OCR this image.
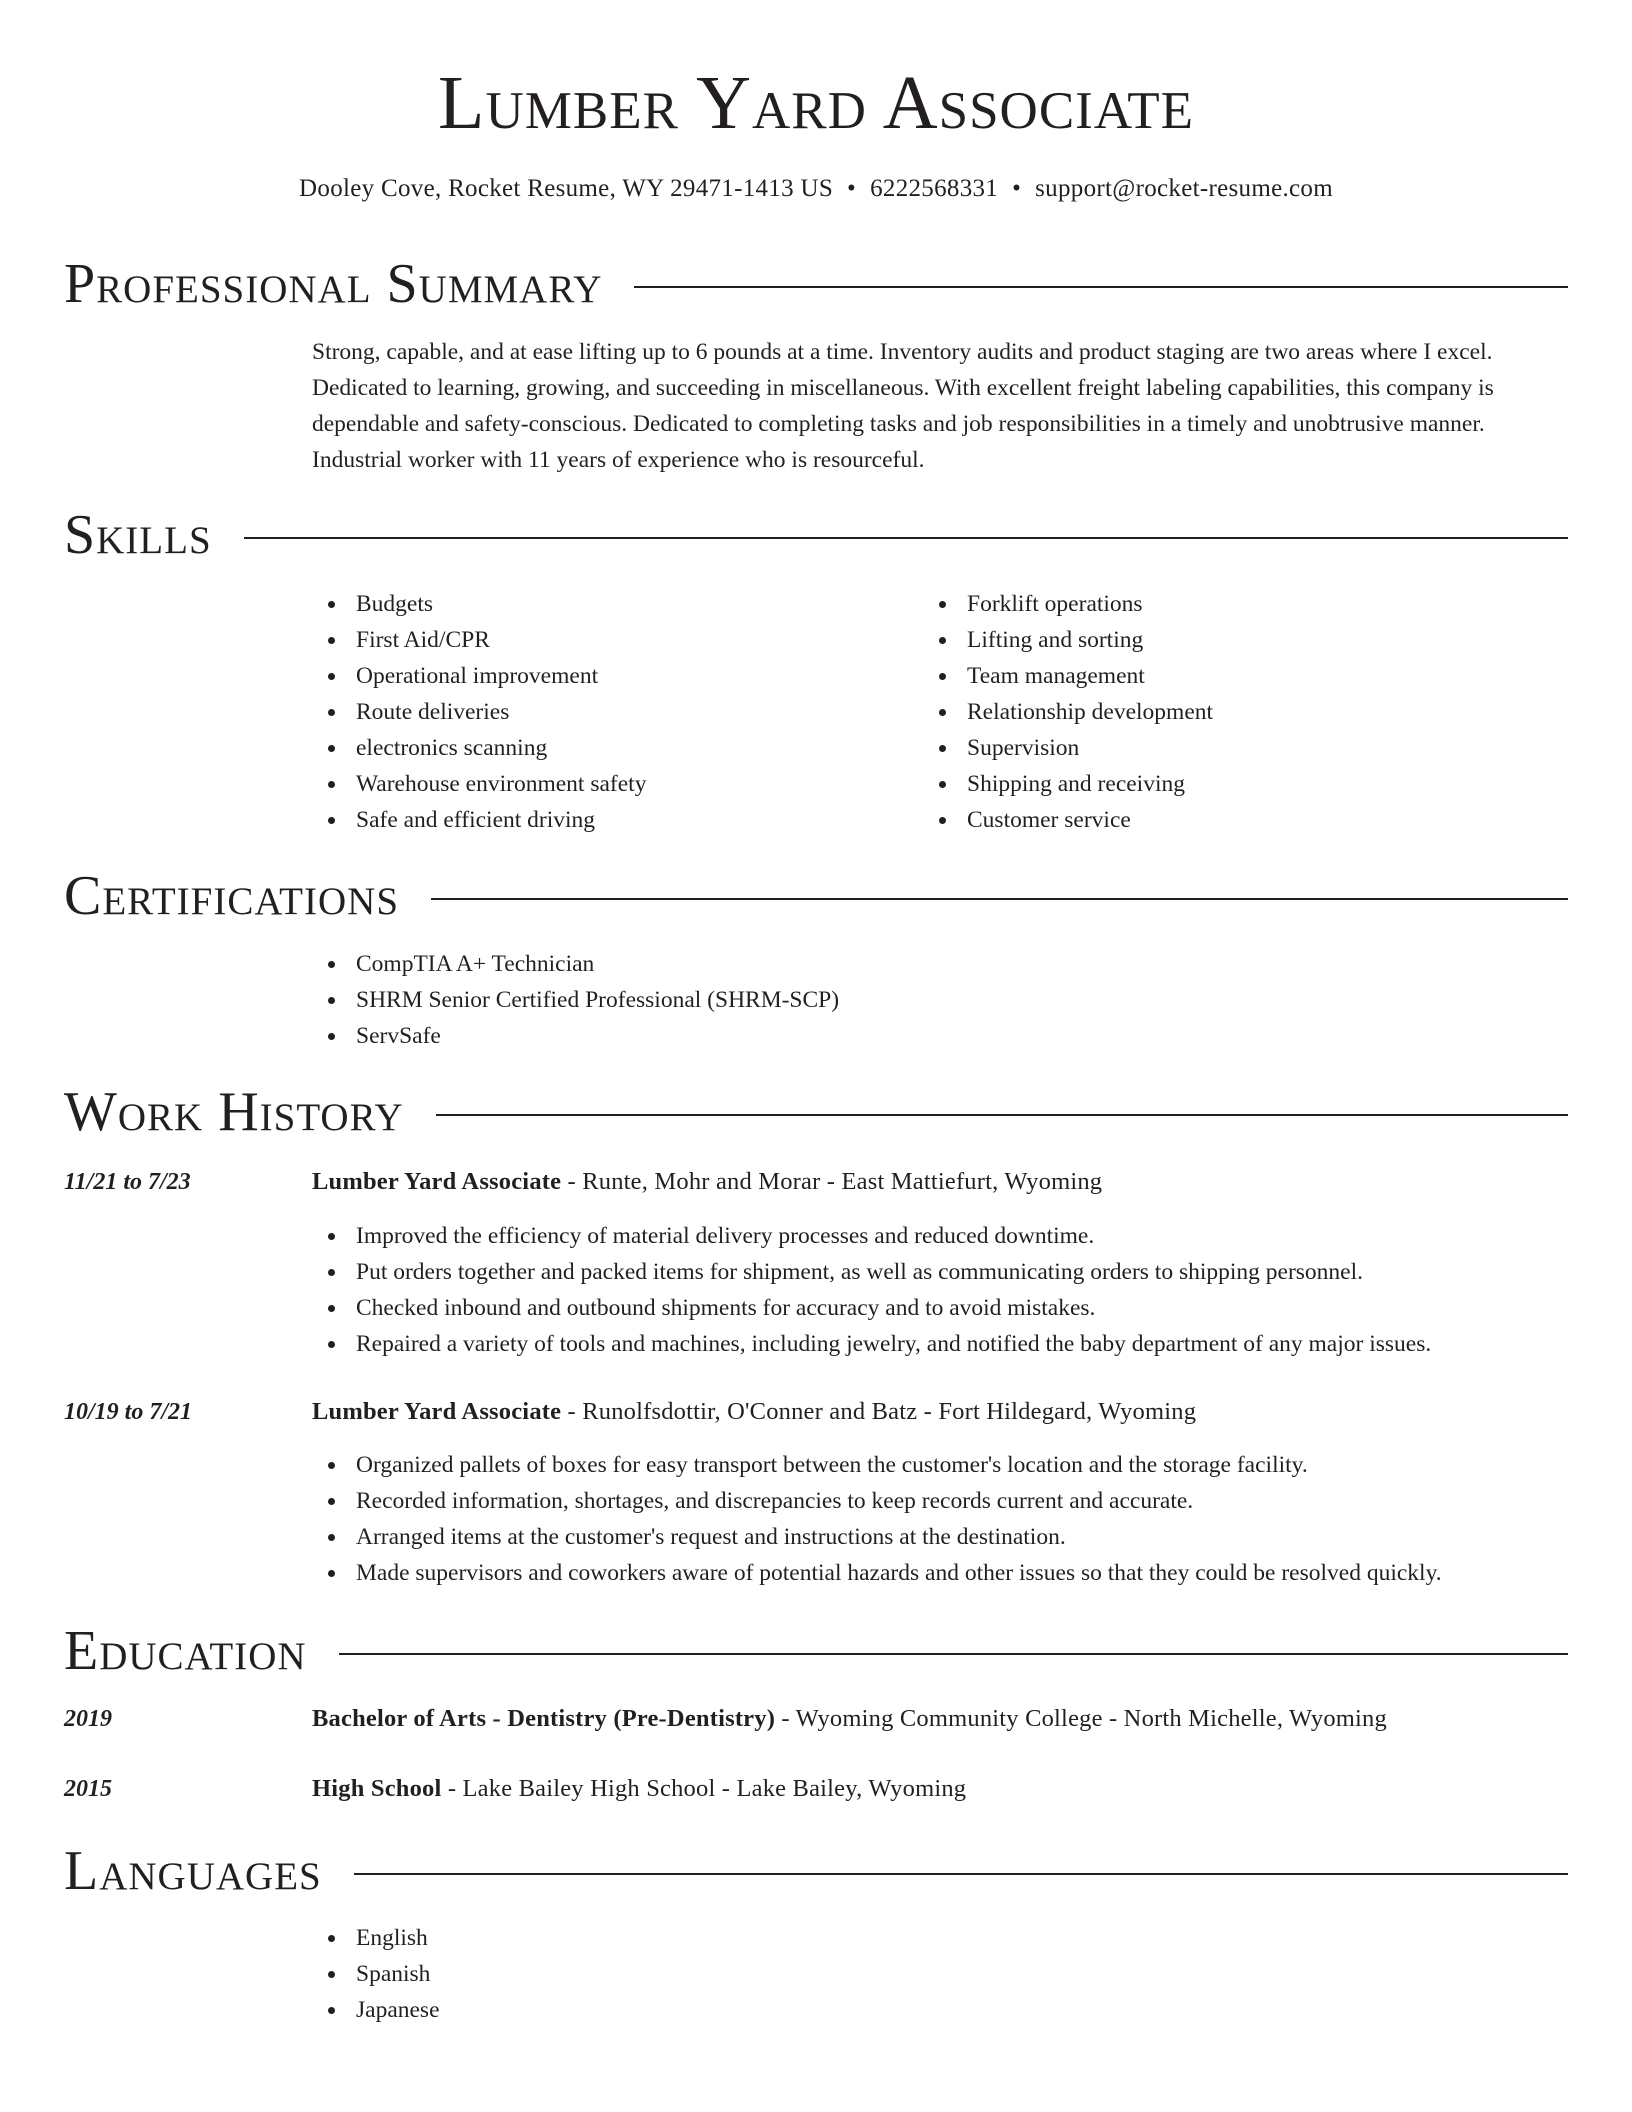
Lumber Yard Associate
Dooley Cove, Rocket Resume, WY 29471-1413 US • 6222568331 • support@rocket-resume.com
Professional Summary

Strong, capable, and at ease lifting up to 6 pounds at a time. Inventory audits and product staging are two areas where I excel. Dedicated to learning, growing, and succeeding in miscellaneous. With excellent freight labeling capabilities, this company is dependable and safety-conscious. Dedicated to completing tasks and job responsibilities in a timely and unobtrusive manner. Industrial worker with 11 years of experience who is resourceful.

Skills
Budgets
First Aid/CPR
Operational improvement
Route deliveries
electronics scanning
Warehouse environment safety
Safe and efficient driving
Forklift operations
Lifting and sorting
Team management
Relationship development
Supervision
Shipping and receiving
Customer service
Certifications
CompTIA A+ Technician
SHRM Senior Certified Professional (SHRM-SCP)
ServSafe
Work History
11/21 to 7/23	Lumber Yard Associate - Runte, Mohr and Morar - East Mattiefurt, Wyoming
Improved the efficiency of material delivery processes and reduced downtime.
Put orders together and packed items for shipment, as well as communicating orders to shipping personnel.
Checked inbound and outbound shipments for accuracy and to avoid mistakes.
Repaired a variety of tools and machines, including jewelry, and notified the baby department of any major issues.
10/19 to 7/21	Lumber Yard Associate - Runolfsdottir, O'Conner and Batz - Fort Hildegard, Wyoming
Organized pallets of boxes for easy transport between the customer's location and the storage facility.
Recorded information, shortages, and discrepancies to keep records current and accurate.
Arranged items at the customer's request and instructions at the destination.
Made supervisors and coworkers aware of potential hazards and other issues so that they could be resolved quickly.
Education
2019	Bachelor of Arts - Dentistry (Pre-Dentistry) - Wyoming Community College - North Michelle, Wyoming
2015	High School - Lake Bailey High School - Lake Bailey, Wyoming
Languages
English
Spanish
Japanese
